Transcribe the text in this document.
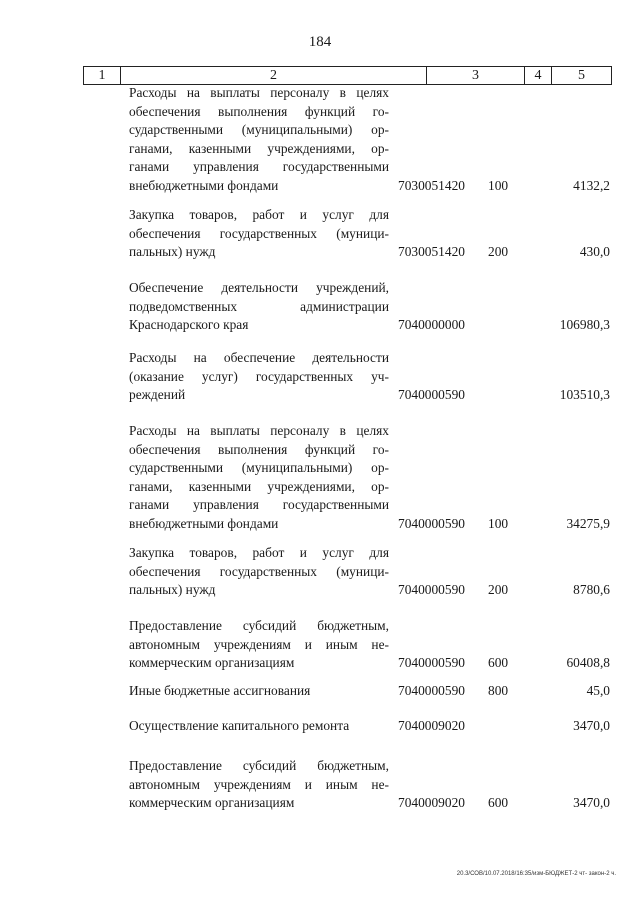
184
1	2	3	4	5
Расходы на выплаты персоналу в целях
обеспечения выполнения функций го-
сударственными (муниципальными) ор-
ганами, казенными учреждениями, ор-
ганами управления государственными
внебюджетными фондами	7030051420 100	4132,2
Закупка товаров, работ и услуг для
обеспечения государственных (муници-
пальных) нужд	7030051420 200	430,0
Обеспечение деятельности учреждений,
подведомственных администрации
Краснодарского края	7040000000	106980,3
Расходы на обеспечение деятельности
(оказание услуг) государственных уч-
реждений	7040000590	103510,3
Расходы на выплаты персоналу в целях
обеспечения выполнения функций го-
сударственными (муниципальными) ор-
ганами, казенными учреждениями, ор-
ганами управления государственными
внебюджетными фондами	7040000590 100	34275,9
Закупка товаров, работ и услуг для
обеспечения государственных (муници-
пальных) нужд	7040000590 200	8780,6
Предоставление субсидий бюджетным,
автономным учреждениям и иным не-
коммерческим организациям	7040000590 600	60408,8
Иные бюджетные ассигнования	7040000590 800	45,0
Осуществление капитального ремонта	7040009020	3470,0
Предоставление субсидий бюджетным,
автономным учреждениям и иным не-
коммерческим организациям	7040009020 600	3470,0
20.3/СОВ/10.07.2018/16:35/изм-БЮДЖЕТ-2 чт- закон-2 ч.
